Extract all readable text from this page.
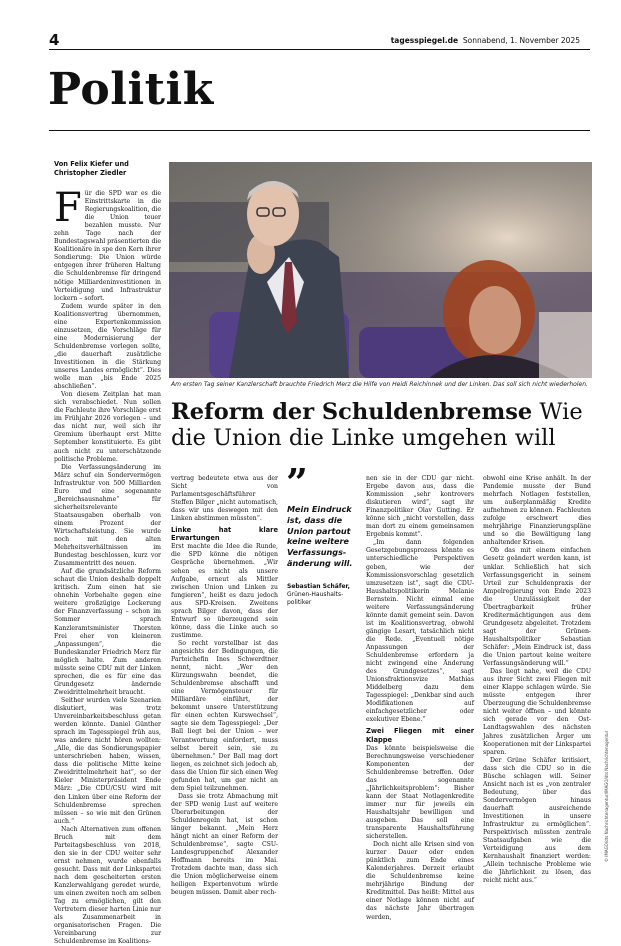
4	tagesspiegel.de Sonnabend, 1. November 2025
Politik
Von Felix Kiefer und Christopher Ziedler
F ür die SPD war es die Einstrittskarte in die Regierungskoalition, die die Union teuer bezahlen musste. Nur zehn Tage nach der Bundestagswahl präsentierten die Koalitionäre in spe den Kern ihrer Sondierung: Die Union würde entgegen ihrer früheren Haltung die Schuldenbremse für dringend nötige Milliardeninvestitionen in Verteidigung und Infrastruktur lockern – sofort.

Zudem wurde später in den Koalitionsvertrag übernommen, eine Expertenkommission einzusetzen, die Vorschläge für eine Modernisierung der Schuldenbremse vorlegen sollte, „die dauerhaft zusätzliche Investitionen in die Stärkung unseres Landes ermöglicht“. Dies wolle man „bis Ende 2025 abschließen“.

Von diesem Zeitplan hat man sich verabschiedet. Nun sollen die Fachleute ihre Vorschläge erst im Frühjahr 2026 vorlegen – und das nicht nur, weil sich ihr Gremium überhaupt erst Mitte September konstituierte. Es gibt auch nicht zu unterschätzende politische Probleme.

Die Verfassungsänderung im März schuf ein Sondervermögen Infrastruktur von 500 Milliarden Euro und eine sogenannte „Bereichsausnahme“ für sicherheitsrelevante Staatsausgaben oberhalb von einem Prozent der Wirtschaftsleistung. Sie wurde noch mit den alten Mehrheitsverhältnissen im Bundestag beschlossen, kurz vor Zusammentritt des neuen.

Auf die grundsätzliche Reform schaut die Union deshalb doppelt kritisch. Zum einen hat sie ohnehin Vorbehalte gegen eine weitere großzügige Lockerung der Finanzverfassung – schon im Sommer sprach Kanzleramtsminister Thorsten Frei eher von kleineren „Anpassungen“, die Bundeskanzler Friedrich Merz für möglich halte. Zum anderen müsste seine CDU mit der Linken sprechen, die es für eine das Grundgesetz ändernde Zweidrittelmehrheit braucht.

Seither wurden viele Szenarien diskutiert, was trotz Unvereinbarkeitsbeschluss getan werden könnte. Daniel Günther sprach im Tagesspiegel früh aus, was andere nicht hören wollten: „Alle, die das Sondierungspapier unterschrieben haben, wissen, dass die politische Mitte keine Zweidrittelmehrheit hat“, so der Kieler Ministerpräsident Ende März: „Die CDU/CSU wird mit den Linken über eine Reform der Schuldenbremse sprechen müssen – so wie mit den Grünen auch.“

Nach Alternativen zum offenen Bruch mit dem Parteitagsbeschluss von 2018, den sie in der CDU weiter sehr ernst nehmen, wurde ebenfalls gesucht. Dass mit der Linkspartei nach dem gescheiterten ersten Kanzlerwahlgang geredet wurde, um einen zweiten noch am selben Tag zu ermöglichen, gilt den Vertretern dieser harten Linie nur als Zusammenarbeit in organisatorischen Fragen. Die Vereinbarung zur Schuldenbremse im Koalitions-

Am ersten Tag seiner Kanzlerschaft brauchte Friedrich Merz die Hilfe von Heidi Reichinnek und der Linken. Das soll sich nicht wiederholen.
Reform der Schuldenbremse Wie die Union die Linke umgehen will

vertrag bedeutete etwa aus der Sicht von Parlamentsgeschäftsführer Steffen Bilger „nicht automatisch, dass wir uns deswegen mit den Linken abstimmen müssten“.

Linke hat klare Erwartungen

Erst machte die Idee die Runde, die SPD könne die nötigen Gespräche übernehmen. „Wir sehen es nicht als unsere Aufgabe, erneut als Mittler zwischen Union und Linken zu fungieren“, heißt es dazu jedoch aus SPD-Kreisen. Zweitens sprach Bilger davon, dass der Entwurf so überzeugend sein könne, dass die Linke auch so zustimme.

So recht vorstellbar ist das angesichts der Bedingungen, die Parteichefin Ines Schwerdtner nennt, nicht. „Wer den Kürzungswahn beendet, die Schuldenbremse abschafft und eine Vermögensteuer für Milliardäre einführt, der bekommt unsere Unterstützung für einen echten Kurswechsel“, sagte sie dem Tagesspiegel: „Der Ball liegt bei der Union – wer Verantwortung einfordert, muss selbst bereit sein, sie zu übernehmen.“ Der Ball mag dort liegen, es zeichnet sich jedoch ab, dass die Union für sich einen Weg gefunden hat, um gar nicht an dem Spiel teilzunehmen.

Dass sie trotz Abmachung mit der SPD wenig Lust auf weitere Überarbeitungen der Schuldenregeln hat, ist schon länger bekannt. „Mein Herz hängt nicht an einer Reform der Schuldenbremse“, sagte CSU-Landesgruppenchef Alexander Hoffmann bereits im Mai. Trotzdem dachte man, dass sich die Union möglicherweise einem heiligen Expertenvotum würde beugen müssen. Damit aber rech-

”
Mein Eindruck ist, dass die Union partout keine weitere Verfassungsänderung will.
Sebastian Schäfer,
Grünen-Haushaltspolitiker

nen sie in der CDU gar nicht. Ergebe davon aus, dass die Kommission „sehr kontrovers diskutieren wird“, sagt ihr Finanzpolitiker Olav Gutting. Er könne sich „nicht vorstellen, dass man dort zu einem gemeinsamen Ergebnis kommt“.

„Im dann folgenden Gesetzgebungsprozess könnte es unterschiedliche Perspektiven geben, wie der Kommissionsvorschlag gesetzlich umzusetzen ist“, sagt die CDU-Haushaltspolitikerin Melanie Bernstein. Nicht einmal eine weitere Verfassungsänderung könnte damit gemeint sein. Davon ist im Koalitionsvertrag, obwohl gängige Lesart, tatsächlich nicht die Rede. „Eventuell nötige Anpassungen der Schuldenbremse erfordern ja nicht zwingend eine Änderung des Grundgesetzes“, sagt Unionsfraktionsvize Mathias Middelberg dazu dem Tagesspiegel: „Denkbar sind auch Modifikationen auf einfachgesetzlicher oder exekutiver Ebene.“

Zwei Fliegen mit einer Klappe

Das könnte beispielsweise die Berechnungsweise verschiedener Komponenten der Schuldenbremse betreffen. Oder das sogenannte „Jährlichkeitsproblem“: Bisher kann der Staat Notlagenkredite immer nur für jeweils ein Haushaltsjahr bewilligen und ausgeben. Das soll eine transparente Haushaltsführung sicherstellen.

Doch nicht alle Krisen sind von kurzer Dauer oder enden pünktlich zum Ende eines Kalenderjahres. Derzeit erlaubt die Schuldenbremse keine mehrjährige Bindung der Kreditmittel. Das heißt: Mittel aus einer Notlage können nicht auf das nächste Jahr übertragen werden,

obwohl eine Krise anhält. In der Pandemie musste der Bund mehrfach Notlagen feststellen, um außerplanmäßig Kredite aufnehmen zu können. Fachleuten zufolge erschwert dies mehrjährige Finanzierungspläne und so die Bewältigung lang anhaltender Krisen.

Ob das mit einem einfachen Gesetz geändert werden kann, ist unklar. Schließlich hat sich Verfassungsgericht in seinem Urteil zur Schuldenpraxis der Ampelregierung von Ende 2023 die Unzulässigkeit der Übertragbarkeit früher Kreditermächtigungen aus dem Grundgesetz abgeleitet. Trotzdem sagt der Grünen-Haushaltspolitiker Sebastian Schäfer: „Mein Eindruck ist, dass die Union partout keine weitere Verfassungsänderung will.“

Das liegt nahe, weil die CDU aus ihrer Sicht zwei Fliegen mit einer Klappe schlagen würde. Sie müsste entgegen ihrer Überzeugung die Schuldenbremse nicht weiter öffnen – und könnte sich gerade vor den Ost-Landtagswahlen des nächsten Jahres zusätzlichen Ärger um Kooperationen mit der Linkspartei sparen.

Der Grüne Schäfer kritisiert, dass sich die CDU so in die Büsche schlagen will. Seiner Ansicht nach ist es „von zentraler Bedeutung, über das Sondervermögen hinaus dauerhaft ausreichende Investitionen in unsere Infrastruktur zu ermöglichen“. Perspektivisch müssten zentrale Staatsaufgaben wie die Verteidigung aus dem Kernhaushalt finanziert werden: „Allein technische Probleme wie die Jährlichkeit zu lösen, das reicht nicht aus.“

© IMAGO/dts Nachrichtenagentur/IMAGO/dts Nachrichtenagentur
